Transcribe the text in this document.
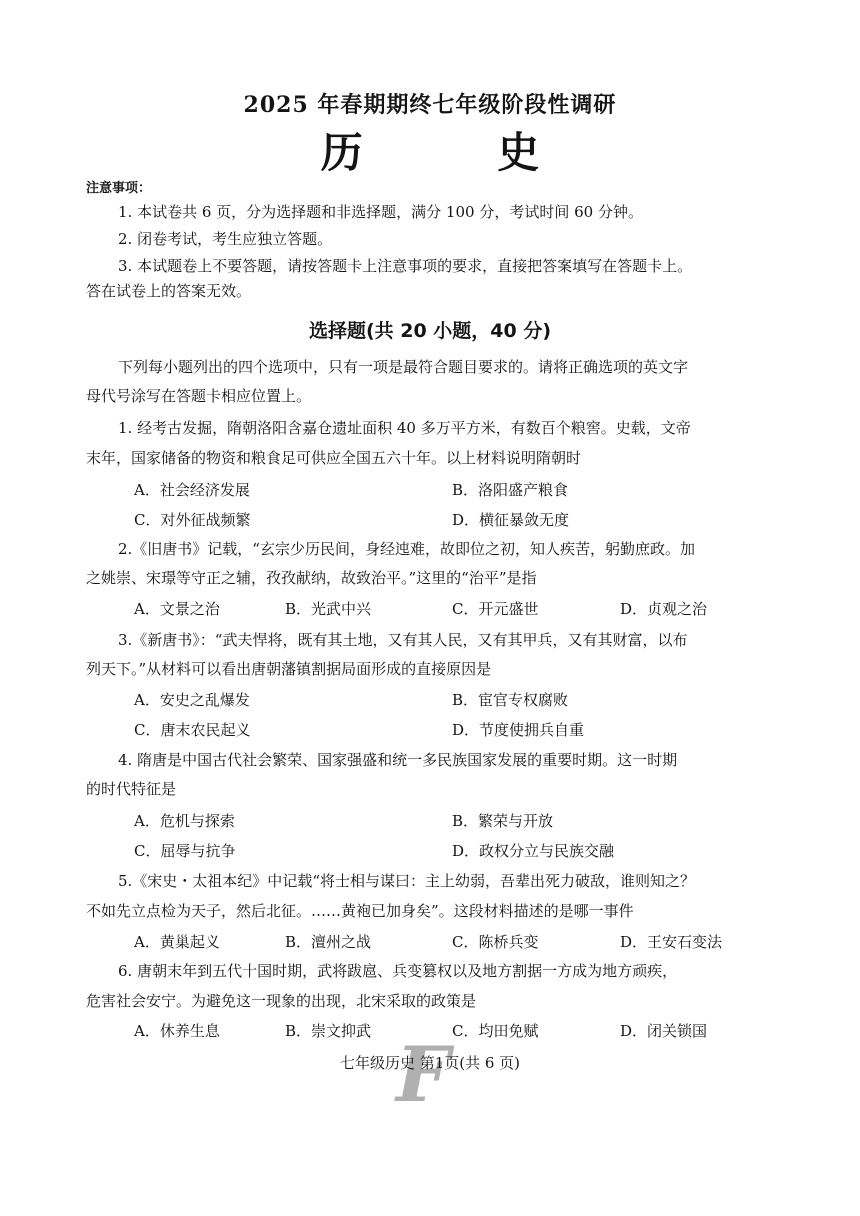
2025 年春期期终七年级阶段性调研
历 史
注意事项：
1. 本试卷共 6 页，分为选择题和非选择题，满分 100 分，考试时间 60 分钟。
2. 闭卷考试，考生应独立答题。
3. 本试题卷上不要答题，请按答题卡上注意事项的要求，直接把答案填写在答题卡上。
答在试卷上的答案无效。
选择题(共 20 小题，40 分)
下列每小题列出的四个选项中，只有一项是最符合题目要求的。请将正确选项的英文字
母代号涂写在答题卡相应位置上。
1. 经考古发掘，隋朝洛阳含嘉仓遗址面积 40 多万平方米，有数百个粮窖。史载，文帝
末年，国家储备的物资和粮食足可供应全国五六十年。以上材料说明隋朝时
A．社会经济发展	B．洛阳盛产粮食
C．对外征战频繁	D．横征暴敛无度
2.《旧唐书》记载，“玄宗少历民间，身经迍难，故即位之初，知人疾苦，躬勤庶政。加
之姚崇、宋璟等守正之辅，孜孜献纳，故致治平。”这里的“治平”是指
A．文景之治	B．光武中兴	C．开元盛世	D．贞观之治
3.《新唐书》：“武夫悍将，既有其土地，又有其人民，又有其甲兵，又有其财富，以布
列天下。”从材料可以看出唐朝藩镇割据局面形成的直接原因是
A．安史之乱爆发	B．宦官专权腐败
C．唐末农民起义	D．节度使拥兵自重
4. 隋唐是中国古代社会繁荣、国家强盛和统一多民族国家发展的重要时期。这一时期
的时代特征是
A．危机与探索	B．繁荣与开放
C．屈辱与抗争	D．政权分立与民族交融
5.《宋史・太祖本纪》中记载“将士相与谋曰：主上幼弱，吾辈出死力破敌，谁则知之？
不如先立点检为天子，然后北征。……黄袍已加身矣”。这段材料描述的是哪一事件
A．黄巢起义	B．澶州之战	C．陈桥兵变	D．王安石变法
6. 唐朝末年到五代十国时期，武将跋扈、兵变篡权以及地方割据一方成为地方顽疾，
危害社会安宁。为避免这一现象的出现，北宋采取的政策是
A．休养生息	B．崇文抑武	C．均田免赋	D．闭关锁国
F
七年级历史 第1页(共 6 页)
